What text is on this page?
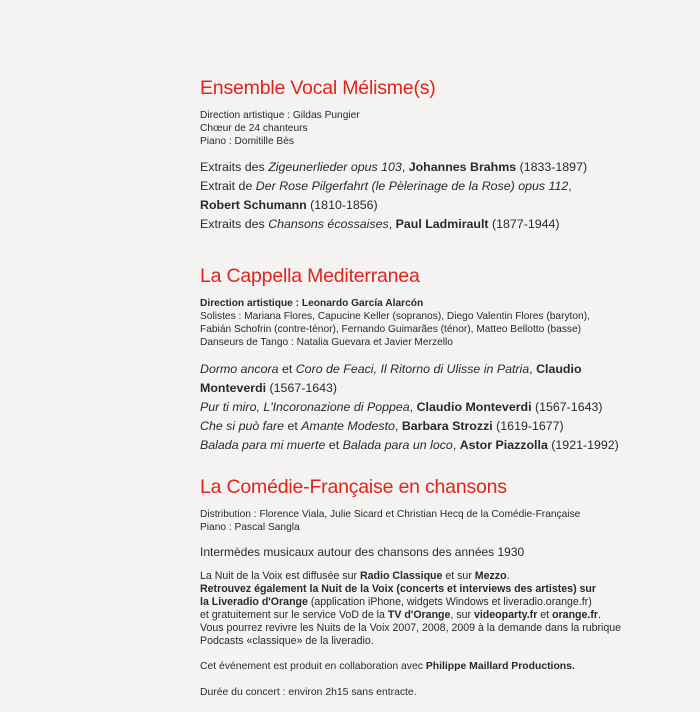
Ensemble Vocal Mélisme(s)
Direction artistique : Gildas Pungier
Chœur de 24 chanteurs
Piano : Domitille Bès
Extraits des Zigeunerlieder opus 103, Johannes Brahms (1833-1897)
Extrait de Der Rose Pilgerfahrt (le Pèlerinage de la Rose) opus 112,
Robert Schumann (1810-1856)
Extraits des Chansons écossaises, Paul Ladmirault (1877-1944)
La Cappella Mediterranea
Direction artistique : Leonardo García Alarcón
Solistes : Mariana Flores, Capucine Keller (sopranos), Diego Valentin Flores (baryton),
Fabián Schofrin (contre-ténor), Fernando Guimarães (ténor), Matteo Bellotto (basse)
Danseurs de Tango : Natalia Guevara et Javier Merzello
Dormo ancora et Coro de Feaci, Il Ritorno di Ulisse in Patria, Claudio
Monteverdi (1567-1643)
Pur ti miro, L'Incoronazione di Poppea, Claudio Monteverdi (1567-1643)
Che si può fare et Amante Modesto, Barbara Strozzi (1619-1677)
Balada para mi muerte et Balada para un loco, Astor Piazzolla (1921-1992)
La Comédie-Française en chansons
Distribution : Florence Viala, Julie Sicard et Christian Hecq de la Comédie-Française
Piano : Pascal Sangla
Intermèdes musicaux autour des chansons des années 1930
La Nuit de la Voix est diffusée sur Radio Classique et sur Mezzo.
Retrouvez également la Nuit de la Voix (concerts et interviews des artistes) sur
la Liveradio d'Orange (application iPhone, widgets Windows et liveradio.orange.fr)
et gratuitement sur le service VoD de la TV d'Orange, sur videoparty.fr et orange.fr.
Vous pourrez revivre les Nuits de la Voix 2007, 2008, 2009 à la demande dans la rubrique
Podcasts «classique» de la liveradio.
Cet événement est produit en collaboration avec Philippe Maillard Productions.
Durée du concert : environ 2h15 sans entracte.
